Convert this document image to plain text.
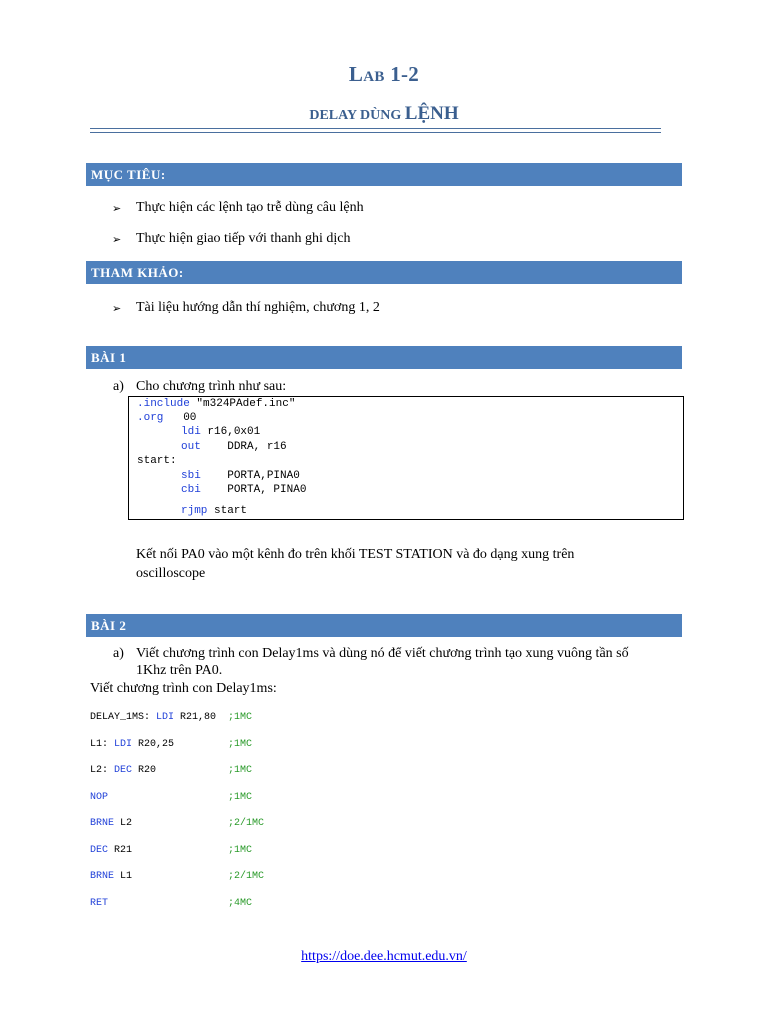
Lab 1-2
DELAY DÙNG LỆNH
MỤC TIÊU:
➢ Thực hiện các lệnh tạo trễ dùng câu lệnh
➢ Thực hiện giao tiếp với thanh ghi dịch
THAM KHẢO:
➢ Tài liệu hướng dẫn thí nghiệm, chương 1, 2
BÀI 1
a) Cho chương trình như sau:
.include "m324PAdef.inc"
.org   00
ldi r16,0x01
out    DDRA, r16
start:
sbi    PORTA,PINA0
cbi    PORTA, PINA0
rjmp start
Kết nối PA0 vào một kênh đo trên khối TEST STATION và đo dạng xung trên
oscilloscope
BÀI 2
a) Viết chương trình con Delay1ms và dùng nó để viết chương trình tạo xung vuông tần số
1Khz trên PA0.
Viết chương trình con Delay1ms:
DELAY_1MS: LDI R21,80 ;1MC
L1: LDI R20,25	;1MC
L2: DEC R20	;1MC
NOP	;1MC
BRNE L2	;2/1MC
DEC R21	;1MC
BRNE L1	;2/1MC
RET	;4MC
https://doe.dee.hcmut.edu.vn/
